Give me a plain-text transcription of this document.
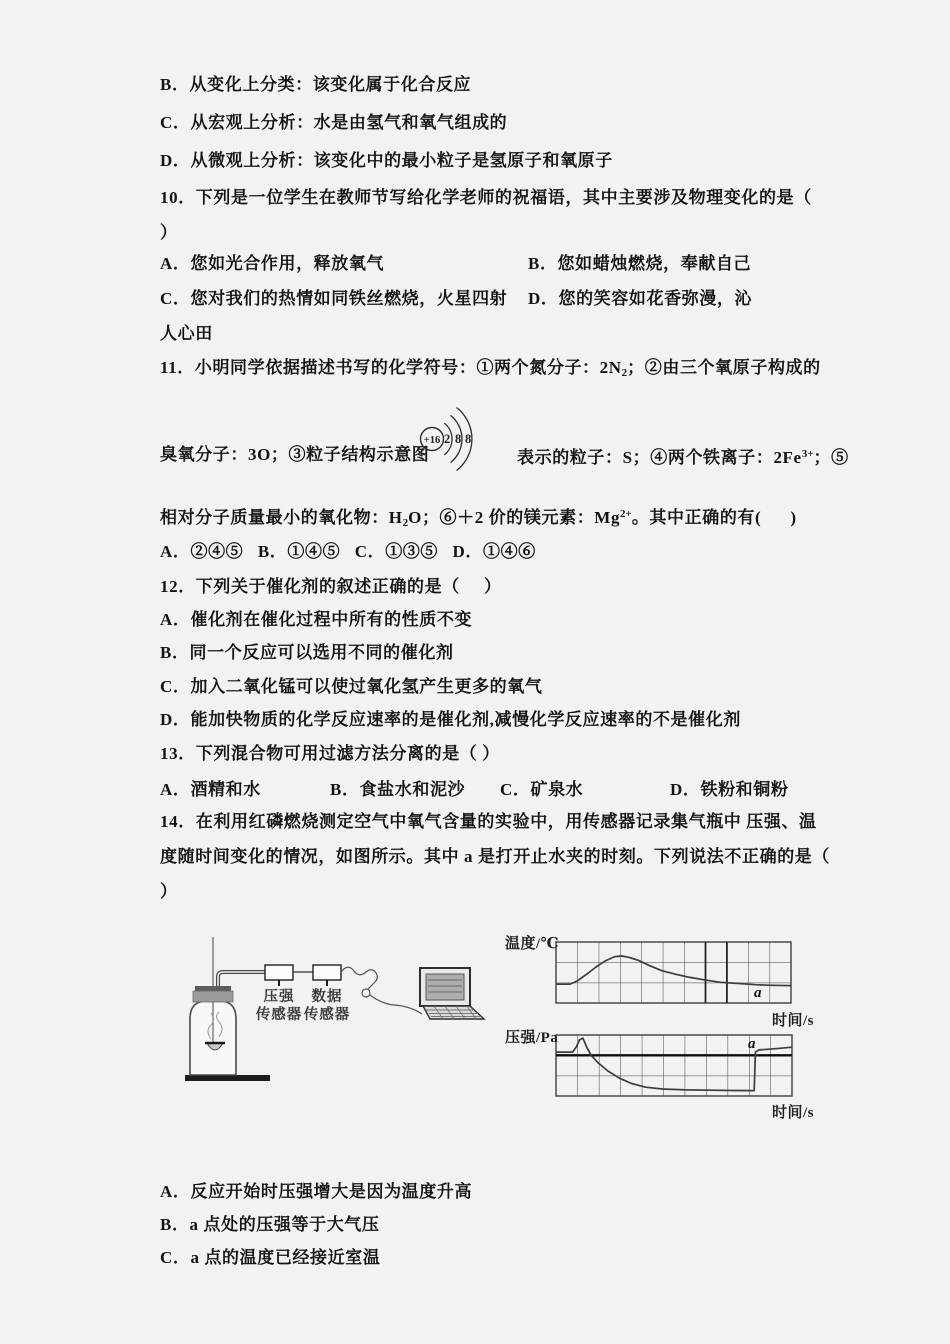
B．从变化上分类：该变化属于化合反应
C．从宏观上分析：水是由氢气和氧气组成的
D．从微观上分析：该变化中的最小粒子是氢原子和氧原子
10．下列是一位学生在教师节写给化学老师的祝福语，其中主要涉及物理变化的是（
）
A．您如光合作用，释放氧气	B．您如蜡烛燃烧，奉献自己
C．您对我们的热情如同铁丝燃烧，火星四射 D．您的笑容如花香弥漫，沁
人心田
11．小明同学依据描述书写的化学符号：①两个氮分子：$2N_2$；②由三个氧原子构成的
臭氧分子：3O；③粒子结构示意图
+16 2 8 8
表示的粒子：S；④两个铁离子：$2Fe^{3+}$；⑤
相对分子质量最小的氧化物：$H_2O$；⑥＋2 价的镁元素：$Mg^{2+}$。其中正确的有(      )
A．②④⑤   B．①④⑤   C．①③⑤   D．①④⑥
12．下列关于催化剂的叙述正确的是（     ）
A．催化剂在催化过程中所有的性质不变
B．同一个反应可以选用不同的催化剂
C．加入二氧化锰可以使过氧化氢产生更多的氧气
D．能加快物质的化学反应速率的是催化剂,减慢化学反应速率的不是催化剂
13．下列混合物可用过滤方法分离的是（ ）
A．酒精和水	B．食盐水和泥沙 C．矿泉水	D．铁粉和铜粉
14．在利用红磷燃烧测定空气中氧气含量的实验中，用传感器记录集气瓶中 压强、温
度随时间变化的情况，如图所示。其中 a 是打开止水夹的时刻。下列说法不正确的是（
）
压强
传感器
数据
传感器
温度/℃
时间/s
a
压强/Pa
时间/s
a
A．反应开始时压强增大是因为温度升高
B．a 点处的压强等于大气压
C．a 点的温度已经接近室温
